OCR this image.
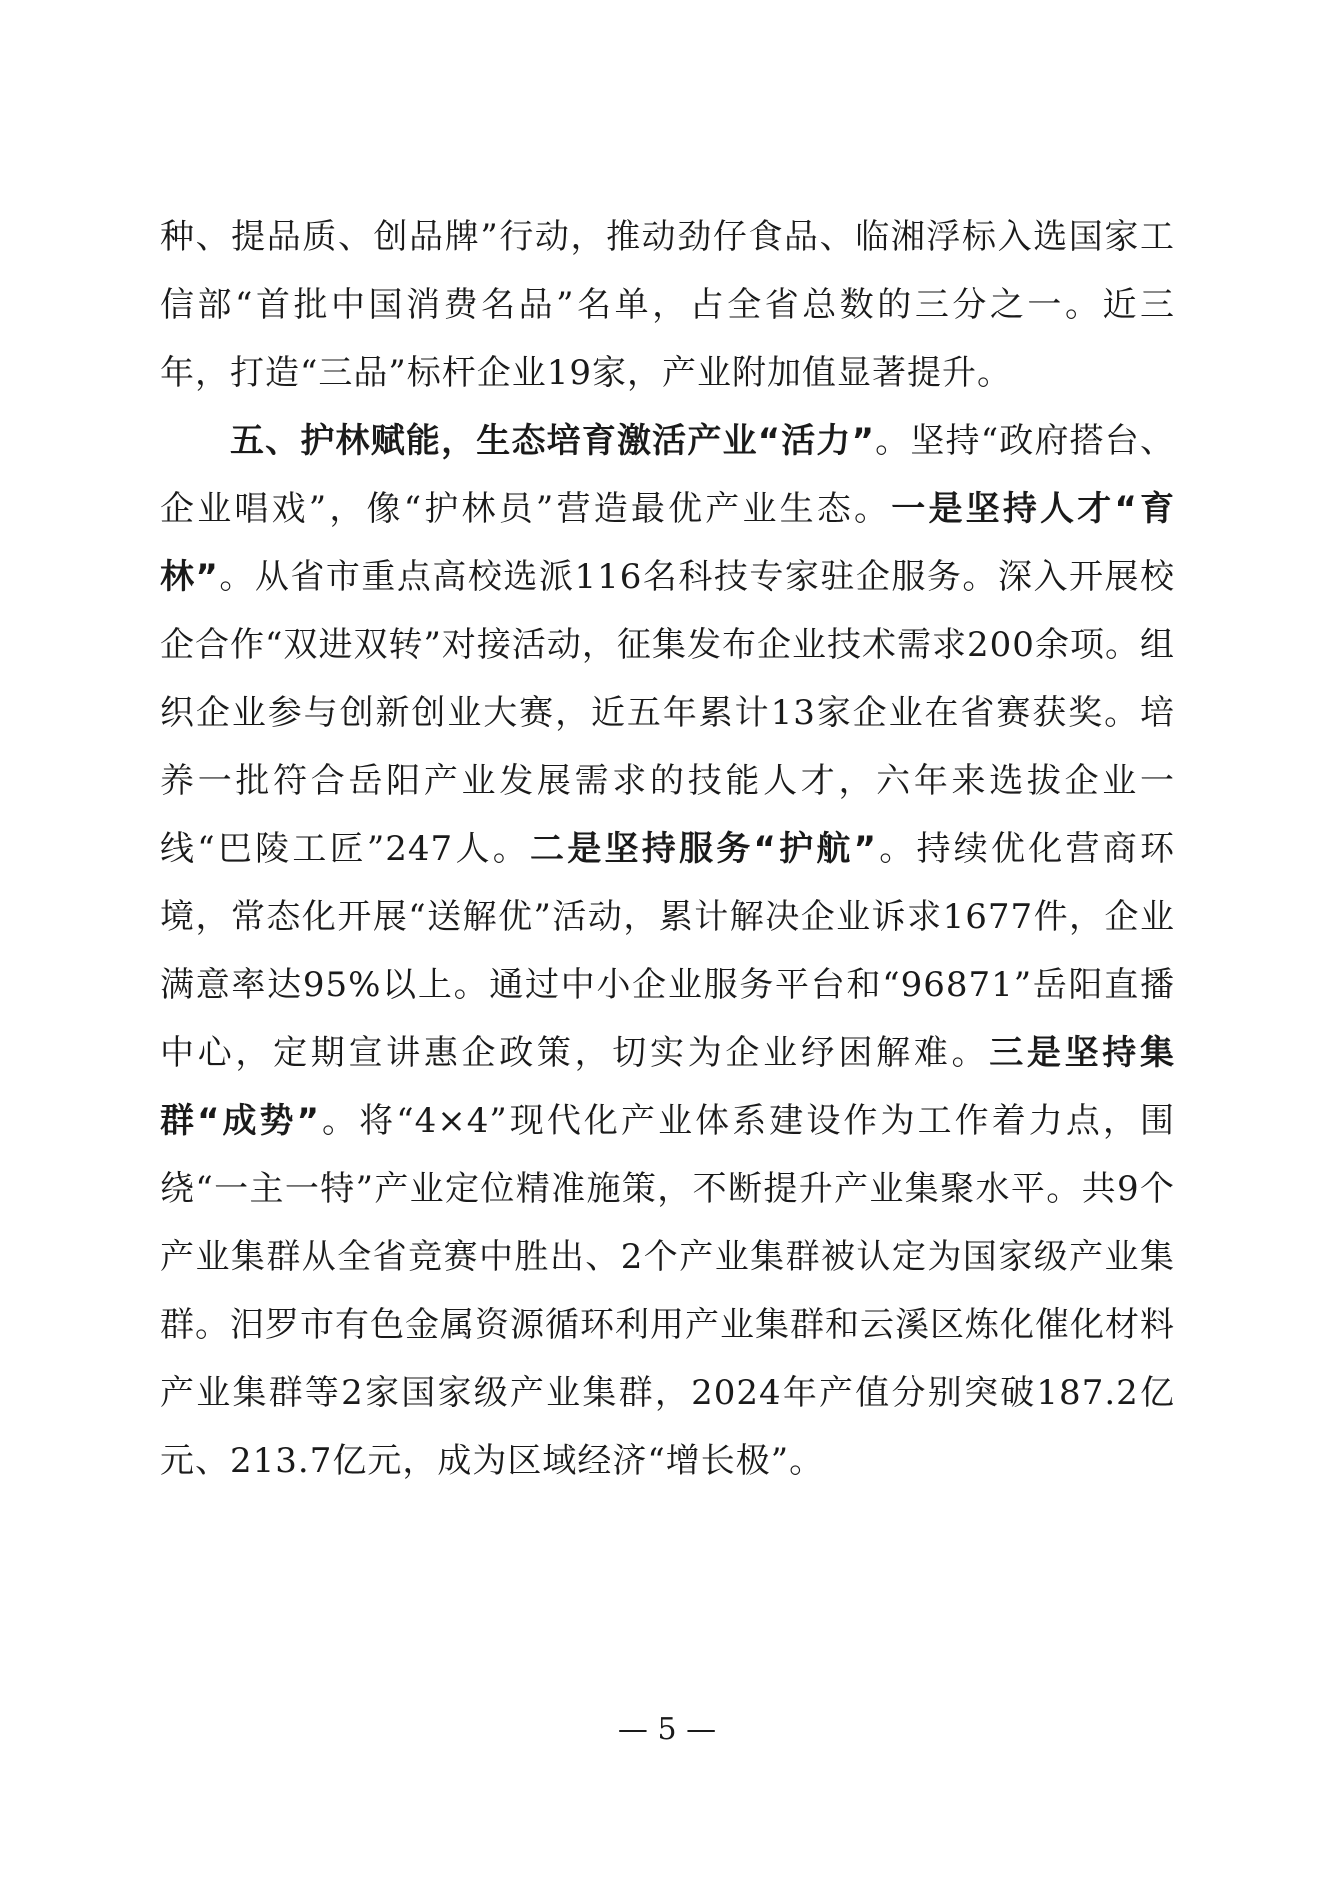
种、提品质、创品牌”行动，推动劲仔食品、临湘浮标入选国家工信部“首批中国消费名品”名单，占全省总数的三分之一。近三年，打造“三品”标杆企业19家，产业附加值显著提升。

五、护林赋能，生态培育激活产业“活力”。坚持“政府搭台、企业唱戏”，像“护林员”营造最优产业生态。一是坚持人才“育林”。从省市重点高校选派116名科技专家驻企服务。深入开展校企合作“双进双转”对接活动，征集发布企业技术需求200余项。组织企业参与创新创业大赛，近五年累计13家企业在省赛获奖。培养一批符合岳阳产业发展需求的技能人才，六年来选拔企业一线“巴陵工匠”247人。二是坚持服务“护航”。持续优化营商环境，常态化开展“送解优”活动，累计解决企业诉求1677件，企业满意率达95%以上。通过中小企业服务平台和“96871”岳阳直播中心，定期宣讲惠企政策，切实为企业纾困解难。三是坚持集群“成势”。将“4×4”现代化产业体系建设作为工作着力点，围绕“一主一特”产业定位精准施策，不断提升产业集聚水平。共9个产业集群从全省竞赛中胜出、2个产业集群被认定为国家级产业集群。汨罗市有色金属资源循环利用产业集群和云溪区炼化催化材料产业集群等2家国家级产业集群，2024年产值分别突破187.2亿元、213.7亿元，成为区域经济“增长极”。

— 5 —
